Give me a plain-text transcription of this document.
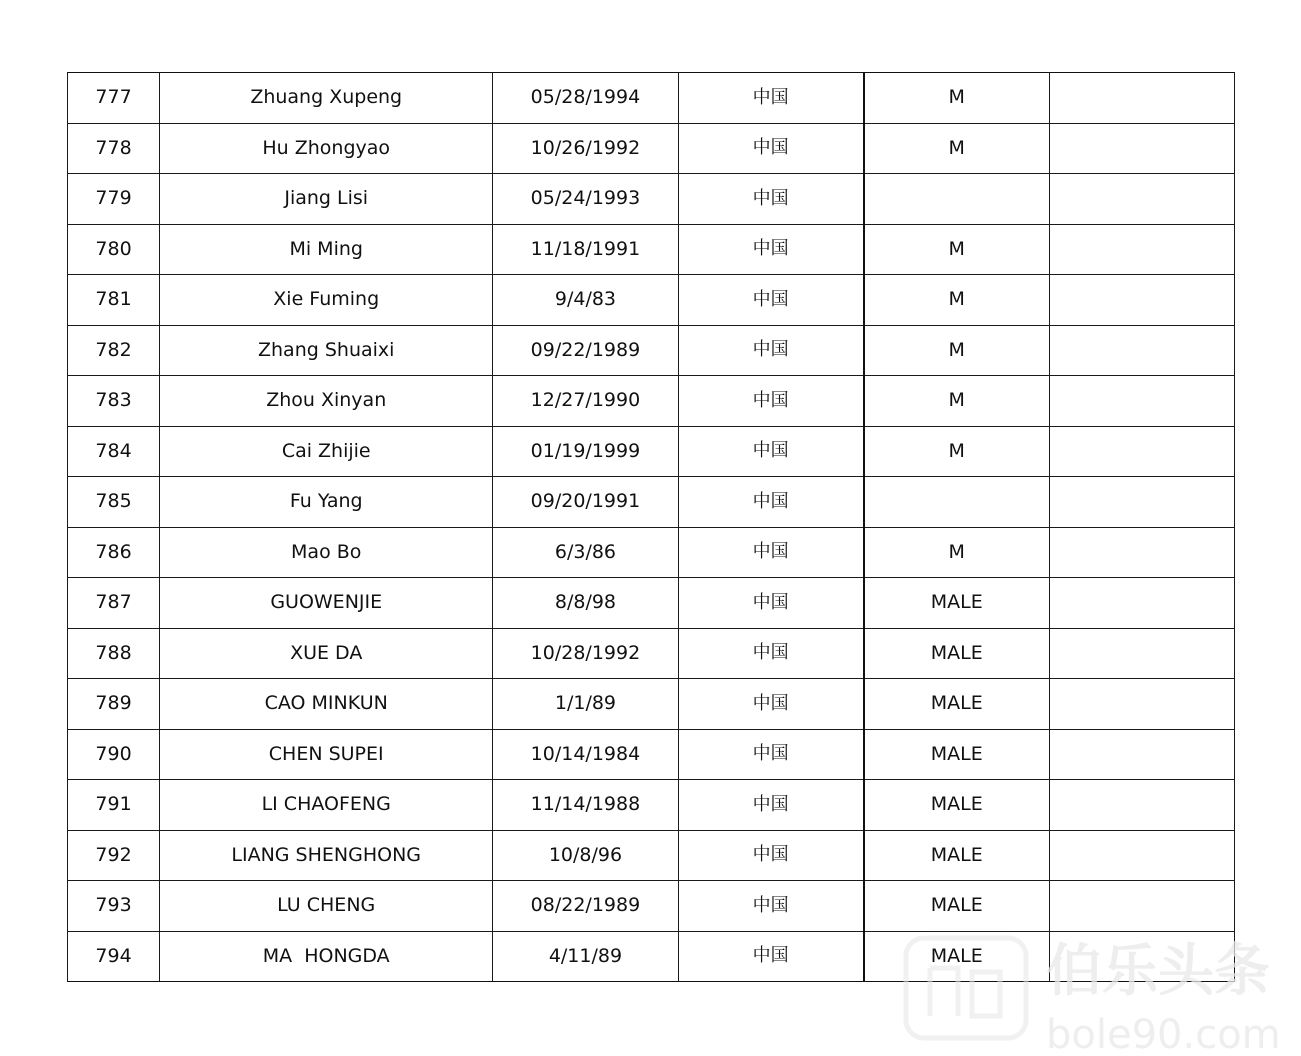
777	Zhuang Xupeng	05/28/1994	中国	M	
778	Hu Zhongyao	10/26/1992	中国	M	
779	Jiang Lisi	05/24/1993	中国		
780	Mi Ming	11/18/1991	中国	M	
781	Xie Fuming	9/4/83	中国	M	
782	Zhang Shuaixi	09/22/1989	中国	M	
783	Zhou Xinyan	12/27/1990	中国	M	
784	Cai Zhijie	01/19/1999	中国	M	
785	Fu Yang	09/20/1991	中国		
786	Mao Bo	6/3/86	中国	M	
787	GUOWENJIE	8/8/98	中国	MALE	
788	XUE DA	10/28/1992	中国	MALE	
789	CAO MINKUN	1/1/89	中国	MALE	
790	CHEN SUPEI	10/14/1984	中国	MALE	
791	LI CHAOFENG	11/14/1988	中国	MALE	
792	LIANG SHENGHONG	10/8/96	中国	MALE	
793	LU CHENG	08/22/1989	中国	MALE	
794	MA  HONGDA	4/11/89	中国	MALE	伯乐头条
bole90.com
